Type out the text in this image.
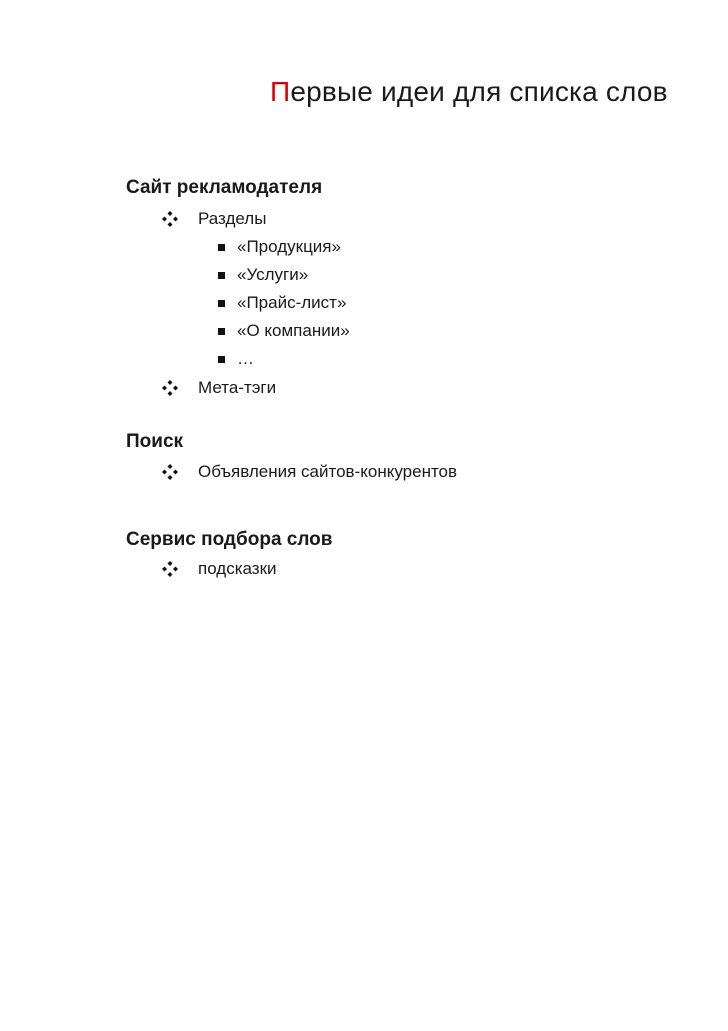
Первые идеи для списка слов
Сайт рекламодателя
Разделы
«Продукция»
«Услуги»
«Прайс-лист»
«О компании»
…
Мета-тэги
Поиск
Объявления сайтов-конкурентов
Сервис подбора слов
подсказки
